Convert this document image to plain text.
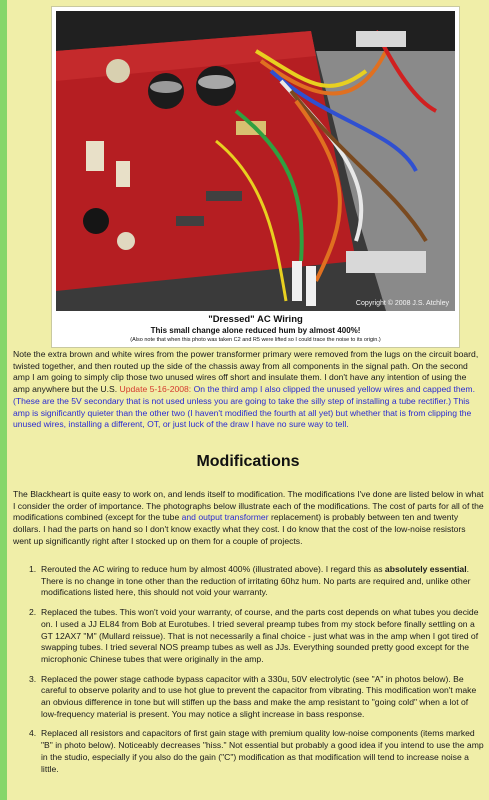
Copyright © 2008 J.S. Atchley
"Dressed" AC Wiring
This small change alone reduced hum by almost 400%!
(Also note that when this photo was taken C2 and R5 were lifted so I could trace the noise to its origin.)
Note the extra brown and white wires from the power transformer primary were removed from the lugs on the circuit board, twisted together, and then routed up the side of the chassis away from all components in the signal path. On the second amp I am going to simply clip those two unused wires off short and insulate them. I don't have any intention of using the amp anywhere but the U.S. Update 5-16-2008: On the third amp I also clipped the unused yellow wires and capped them. (These are the 5V secondary that is not used unless you are going to take the silly step of installing a tube rectifier.) This amp is significantly quieter than the other two (I haven't modified the fourth at all yet) but whether that is from clipping the unused wires, installing a different, OT, or just luck of the draw I have no sure way to tell.
Modifications
The Blackheart is quite easy to work on, and lends itself to modification. The modifications I've done are listed below in what I consider the order of importance. The photographs below illustrate each of the modifications. The cost of parts for all of the modifications combined (except for the tube and output transformer replacement) is probably between ten and twenty dollars. I had the parts on hand so I don't know exactly what they cost. I do know that the cost of the low-noise resistors went up significantly right after I stocked up on them for a couple of projects.
1. Rerouted the AC wiring to reduce hum by almost 400% (illustrated above). I regard this as absolutely essential. There is no change in tone other than the reduction of irritating 60hz hum. No parts are required and, unlike other modifications listed here, this should not void your warranty.
2. Replaced the tubes. This won't void your warranty, of course, and the parts cost depends on what tubes you decide on. I used a JJ EL84 from Bob at Eurotubes. I tried several preamp tubes from my stock before finally settling on a GT 12AX7 "M" (Mullard reissue). That is not necessarily a final choice - just what was in the amp when I got tired of swapping tubes. I tried several NOS preamp tubes as well as JJs. Everything sounded pretty good except for the microphonic Chinese tubes that were originally in the amp.
3. Replaced the power stage cathode bypass capacitor with a 330u, 50V electrolytic (see "A" in photos below). Be careful to observe polarity and to use hot glue to prevent the capacitor from vibrating. This modification won't make an obvious difference in tone but will stiffen up the bass and make the amp resistant to "going cold" when a lot of low-frequency material is present. You may notice a slight increase in bass response.
4. Replaced all resistors and capacitors of first gain stage with premium quality low-noise components (items marked "B" in photo below). Noticeably decreases "hiss." Not essential but probably a good idea if you intend to use the amp in the studio, especially if you also do the gain ("C") modification as that modification will tend to increase noise a little.
